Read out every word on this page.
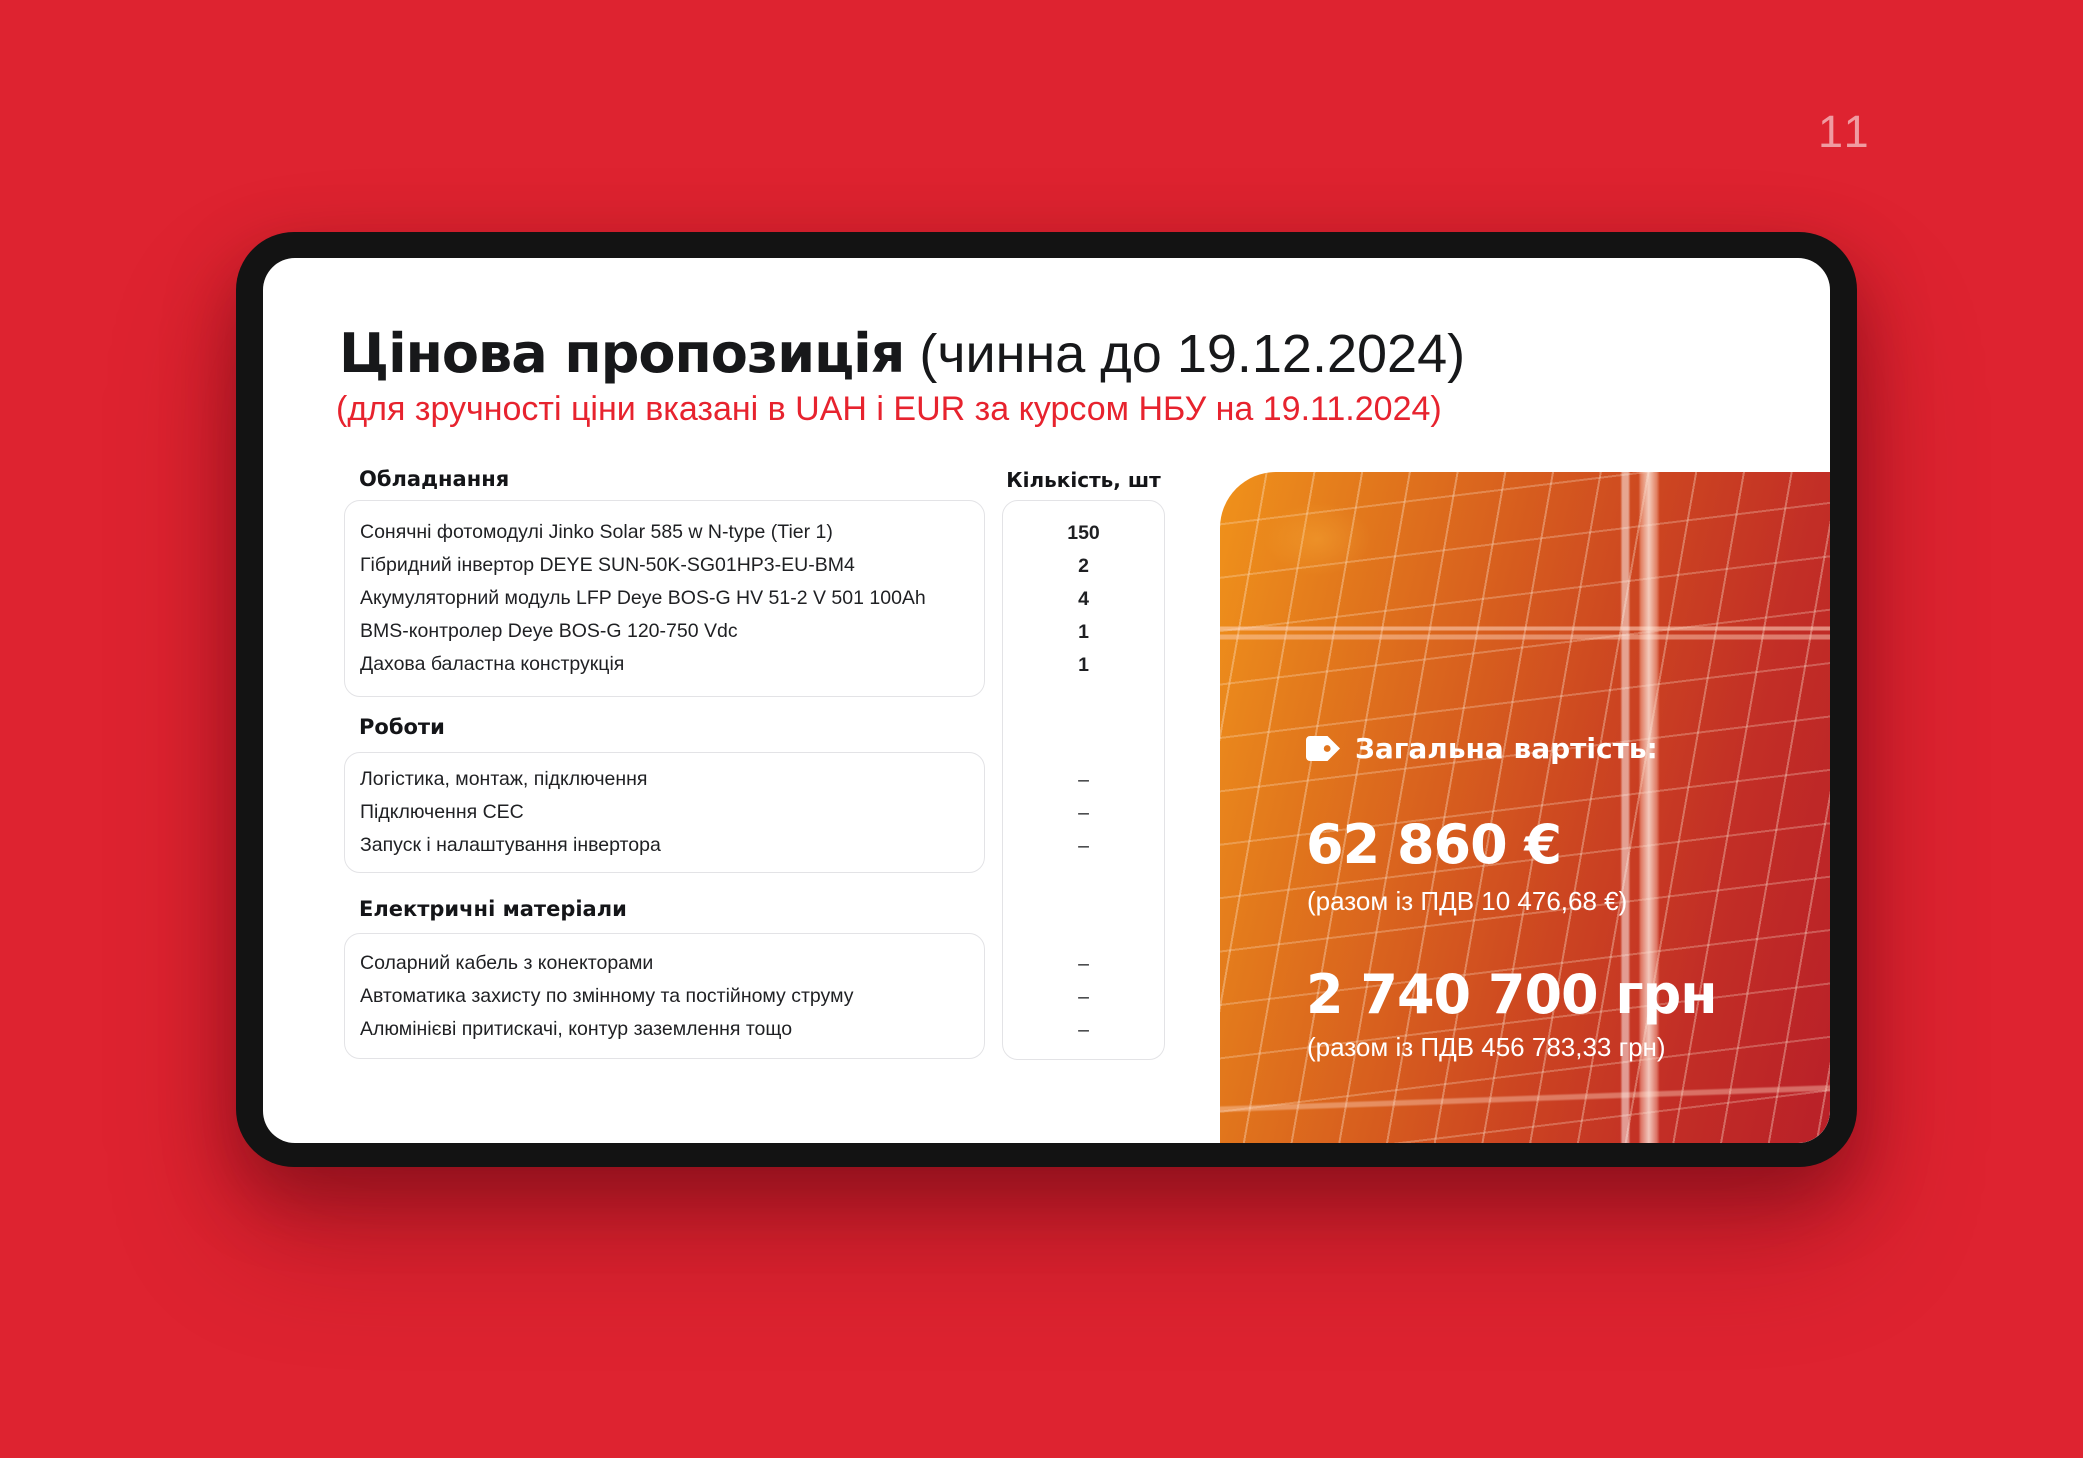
11
Цінова пропозиція (чинна до 19.12.2024)
(для зручності ціни вказані в UAH і EUR за курсом НБУ на 19.11.2024)
Обладнання
Сонячні фотомодулі Jinko Solar 585 w N-type (Tier 1)
Гібридний інвертор DEYE SUN-50K-SG01HP3-EU-BM4
Акумуляторний модуль LFP Deye BOS-G HV 51-2 V 501 100Ah
BMS-контролер Deye BOS-G 120-750 Vdc
Дахова баластна конструкція
Роботи
Логістика, монтаж, підключення
Підключення СЕС
Запуск і налаштування інвертора
Електричні матеріали
Соларний кабель з конекторами
Автоматика захисту по змінному та постійному струму
Алюмінієві притискачі, контур заземлення тощо
Кількість, шт
150
2
4
1
1
–
–
–
–
–
–
Загальна вартість:
62 860 €
(разом із ПДВ 10 476,68 €)
2 740 700 грн
(разом із ПДВ 456 783,33 грн)
